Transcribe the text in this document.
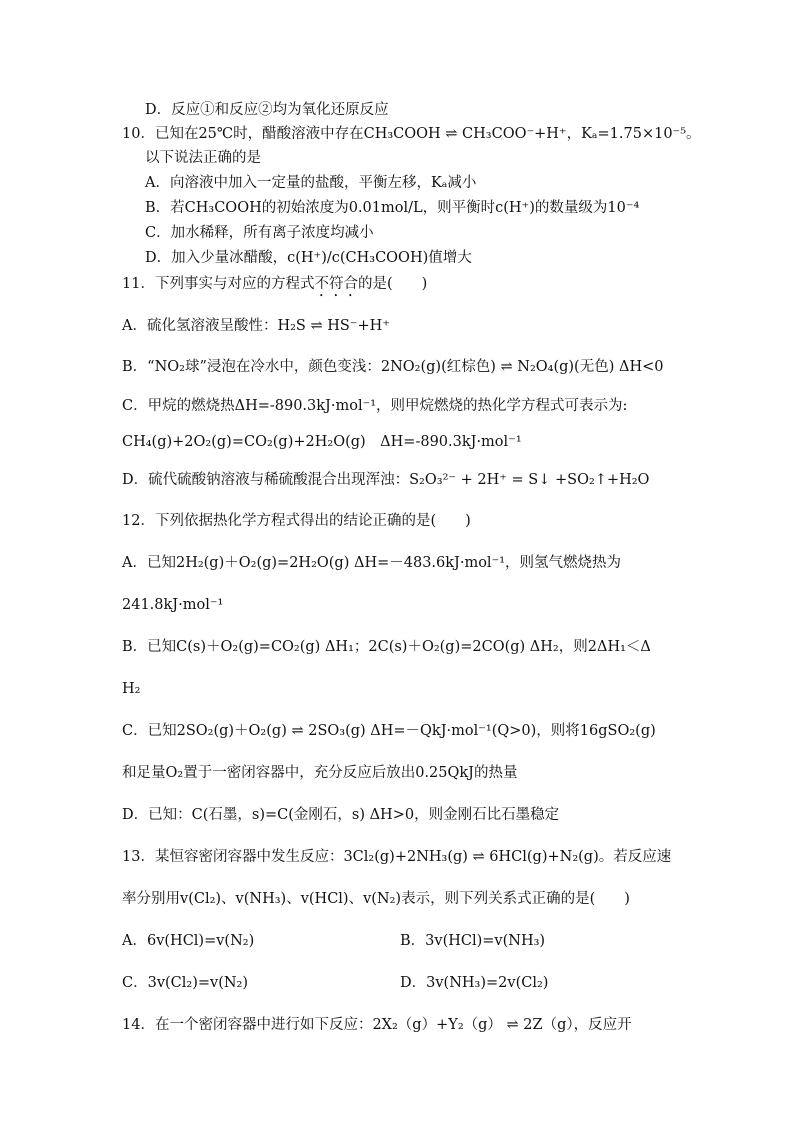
D．反应①和反应②均为氧化还原反应
10．已知在25℃时，醋酸溶液中存在CH₃COOH ⇌ CH₃COO⁻+H⁺，Kₐ=1.75×10⁻⁵。
以下说法正确的是
A．向溶液中加入一定量的盐酸，平衡左移，Kₐ减小
B．若CH₃COOH的初始浓度为0.01mol/L，则平衡时c(H⁺)的数量级为10⁻⁴
C．加水稀释，所有离子浓度均减小
D．加入少量冰醋酸，c(H⁺)/c(CH₃COOH)值增大
11．下列事实与对应的方程式不符合的是(　　)
A．硫化氢溶液呈酸性：H₂S ⇌ HS⁻+H⁺
B．“NO₂球”浸泡在冷水中，颜色变浅：2NO₂(g)(红棕色) ⇌ N₂O₄(g)(无色) ΔH<0
C．甲烷的燃烧热ΔH=-890.3kJ·mol⁻¹，则甲烷燃烧的热化学方程式可表示为:
CH₄(g)+2O₂(g)=CO₂(g)+2H₂O(g)　ΔH=-890.3kJ·mol⁻¹
D．硫代硫酸钠溶液与稀硫酸混合出现浑浊：S₂O₃²⁻ + 2H⁺ = S↓ +SO₂↑+H₂O
12．下列依据热化学方程式得出的结论正确的是(　　)
A．已知2H₂(g)＋O₂(g)=2H₂O(g) ΔH=－483.6kJ·mol⁻¹，则氢气燃烧热为
241.8kJ·mol⁻¹
B．已知C(s)＋O₂(g)=CO₂(g) ΔH₁；2C(s)＋O₂(g)=2CO(g) ΔH₂，则2ΔH₁＜Δ
H₂
C．已知2SO₂(g)＋O₂(g) ⇌ 2SO₃(g) ΔH=－QkJ·mol⁻¹(Q>0)，则将16gSO₂(g)
和足量O₂置于一密闭容器中，充分反应后放出0.25QkJ的热量
D．已知：C(石墨，s)=C(金刚石，s) ΔH>0，则金刚石比石墨稳定
13．某恒容密闭容器中发生反应：3Cl₂(g)+2NH₃(g) ⇌ 6HCl(g)+N₂(g)。若反应速
率分别用v(Cl₂)、v(NH₃)、v(HCl)、v(N₂)表示，则下列关系式正确的是(　　)
A．6v(HCl)=v(N₂)	B．3v(HCl)=v(NH₃)
C．3v(Cl₂)=v(N₂)	D．3v(NH₃)=2v(Cl₂)
14．在一个密闭容器中进行如下反应：2X₂（g）+Y₂（g） ⇌ 2Z（g），反应开
